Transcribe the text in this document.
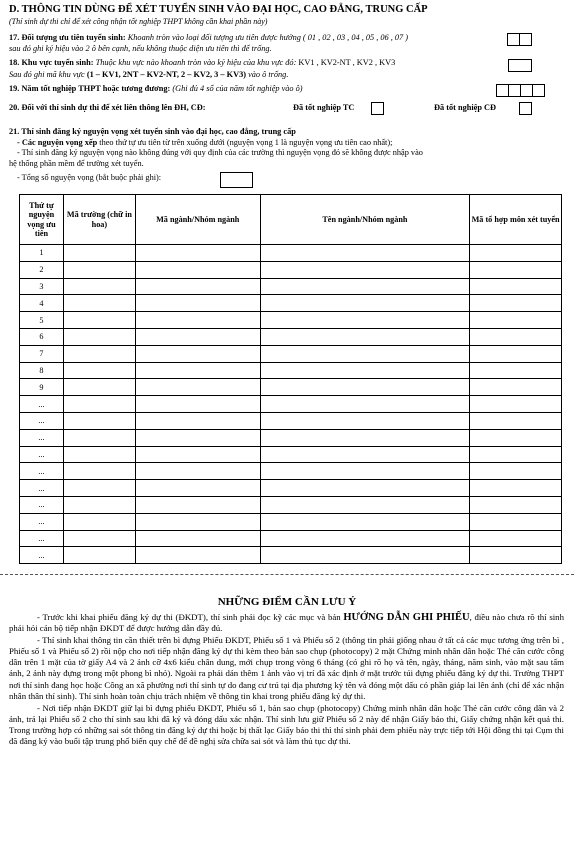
D. THÔNG TIN DÙNG ĐỂ XÉT TUYỂN SINH VÀO ĐẠI HỌC, CAO ĐẲNG, TRUNG CẤP
(Thí sinh dự thi chỉ để xét công nhận tốt nghiệp THPT không cần khai phần này)
17. Đối tượng ưu tiên tuyển sinh: Khoanh tròn vào loại đối tượng ưu tiên được hưởng ( 01 , 02 , 03 , 04 , 05 , 06 , 07 )
sau đó ghi ký hiệu vào 2 ô bên cạnh, nếu không thuộc diện ưu tiên thì để trống.
18. Khu vực tuyển sinh: Thuộc khu vực nào khoanh tròn vào ký hiệu của khu vực đó: KV1 , KV2-NT , KV2 , KV3
Sau đó ghi mã khu vực (1 – KV1, 2NT – KV2-NT, 2 – KV2, 3 – KV3) vào ô trống.
19. Năm tốt nghiệp THPT hoặc tương đương: (Ghi đủ 4 số của năm tốt nghiệp vào ô)
20. Đối với thí sinh dự thi để xét liên thông lên ĐH, CĐ:	Đã tốt nghiệp TC	Đã tốt nghiệp CĐ
21. Thí sinh đăng ký nguyện vọng xét tuyển sinh vào đại học, cao đẳng, trung cấp
- Các nguyện vọng xếp theo thứ tự ưu tiên từ trên xuống dưới (nguyện vọng 1 là nguyện vọng ưu tiên cao nhất);
- Thí sinh đăng ký nguyện vọng nào không đúng với quy định của các trường thì nguyện vọng đó sẽ không được nhập vào
hệ thống phần mềm để trường xét tuyển.
- Tổng số nguyện vọng (bắt buộc phải ghi):
Thứ tự nguyện vọng ưu tiên	Mã trường (chữ in hoa)	Mã ngành/Nhóm ngành	Tên ngành/Nhóm ngành	Mã tổ hợp môn xét tuyển
1				
2				
3				
4				
5				
6				
7				
8				
9				
...				
...				
...				
...				
...				
...				
...				
...				
...				
...				
NHỮNG ĐIỂM CẦN LƯU Ý

- Trước khi khai phiếu đăng ký dự thi (ĐKDT), thí sinh phải đọc kỹ các mục và bản HƯỚNG DẪN GHI PHIẾU, điều nào chưa rõ thí sinh phải hỏi cán bộ tiếp nhận ĐKDT để được hướng dẫn đầy đủ.

- Thí sinh khai thông tin cần thiết trên bì đựng Phiếu ĐKDT, Phiếu số 1 và Phiếu số 2 (thông tin phải giống nhau ở tất cả các mục tương ứng trên bì , Phiếu số 1 và Phiếu số 2) rồi nộp cho nơi tiếp nhận đăng ký dự thi kèm theo bản sao chụp (photocopy) 2 mặt Chứng minh nhân dân hoặc Thẻ căn cước công dân trên 1 mặt của tờ giấy A4 và 2 ảnh cỡ 4x6 kiểu chân dung, mới chụp trong vòng 6 tháng (có ghi rõ họ và tên, ngày, tháng, năm sinh, vào mặt sau tấm ảnh, 2 ảnh này đựng trong một phong bì nhỏ). Ngoài ra phải dán thêm 1 ảnh vào vị trí đã xác định ở mặt trước túi đựng phiếu đăng ký dự thi. Trường THPT nơi thí sinh đang học hoặc Công an xã phường nơi thí sinh tự do đang cư trú tại địa phương ký tên và đóng một dấu có phần giáp lai lên ảnh (chỉ để xác nhận nhân thân thí sinh). Thí sinh hoàn toàn chịu trách nhiệm về thông tin khai trong phiếu đăng ký dự thi.

- Nơi tiếp nhận ĐKDT giữ lại bì đựng phiếu ĐKDT, Phiếu số 1, bản sao chụp (photocopy) Chứng minh nhân dân hoặc Thẻ căn cước công dân và 2 ảnh, trả lại Phiếu số 2 cho thí sinh sau khi đã ký và đóng dấu xác nhận. Thí sinh lưu giữ Phiếu số 2 này để nhận Giấy báo thi, Giấy chứng nhận kết quả thi. Trong trường hợp có những sai sót thông tin đăng ký dự thi hoặc bị thất lạc Giấy báo thi thì thí sinh phải đem phiếu này trực tiếp tới Hội đồng thi tại Cụm thi đã đăng ký vào buổi tập trung phổ biến quy chế để đề nghị sửa chữa sai sót và làm thủ tục dự thi.
